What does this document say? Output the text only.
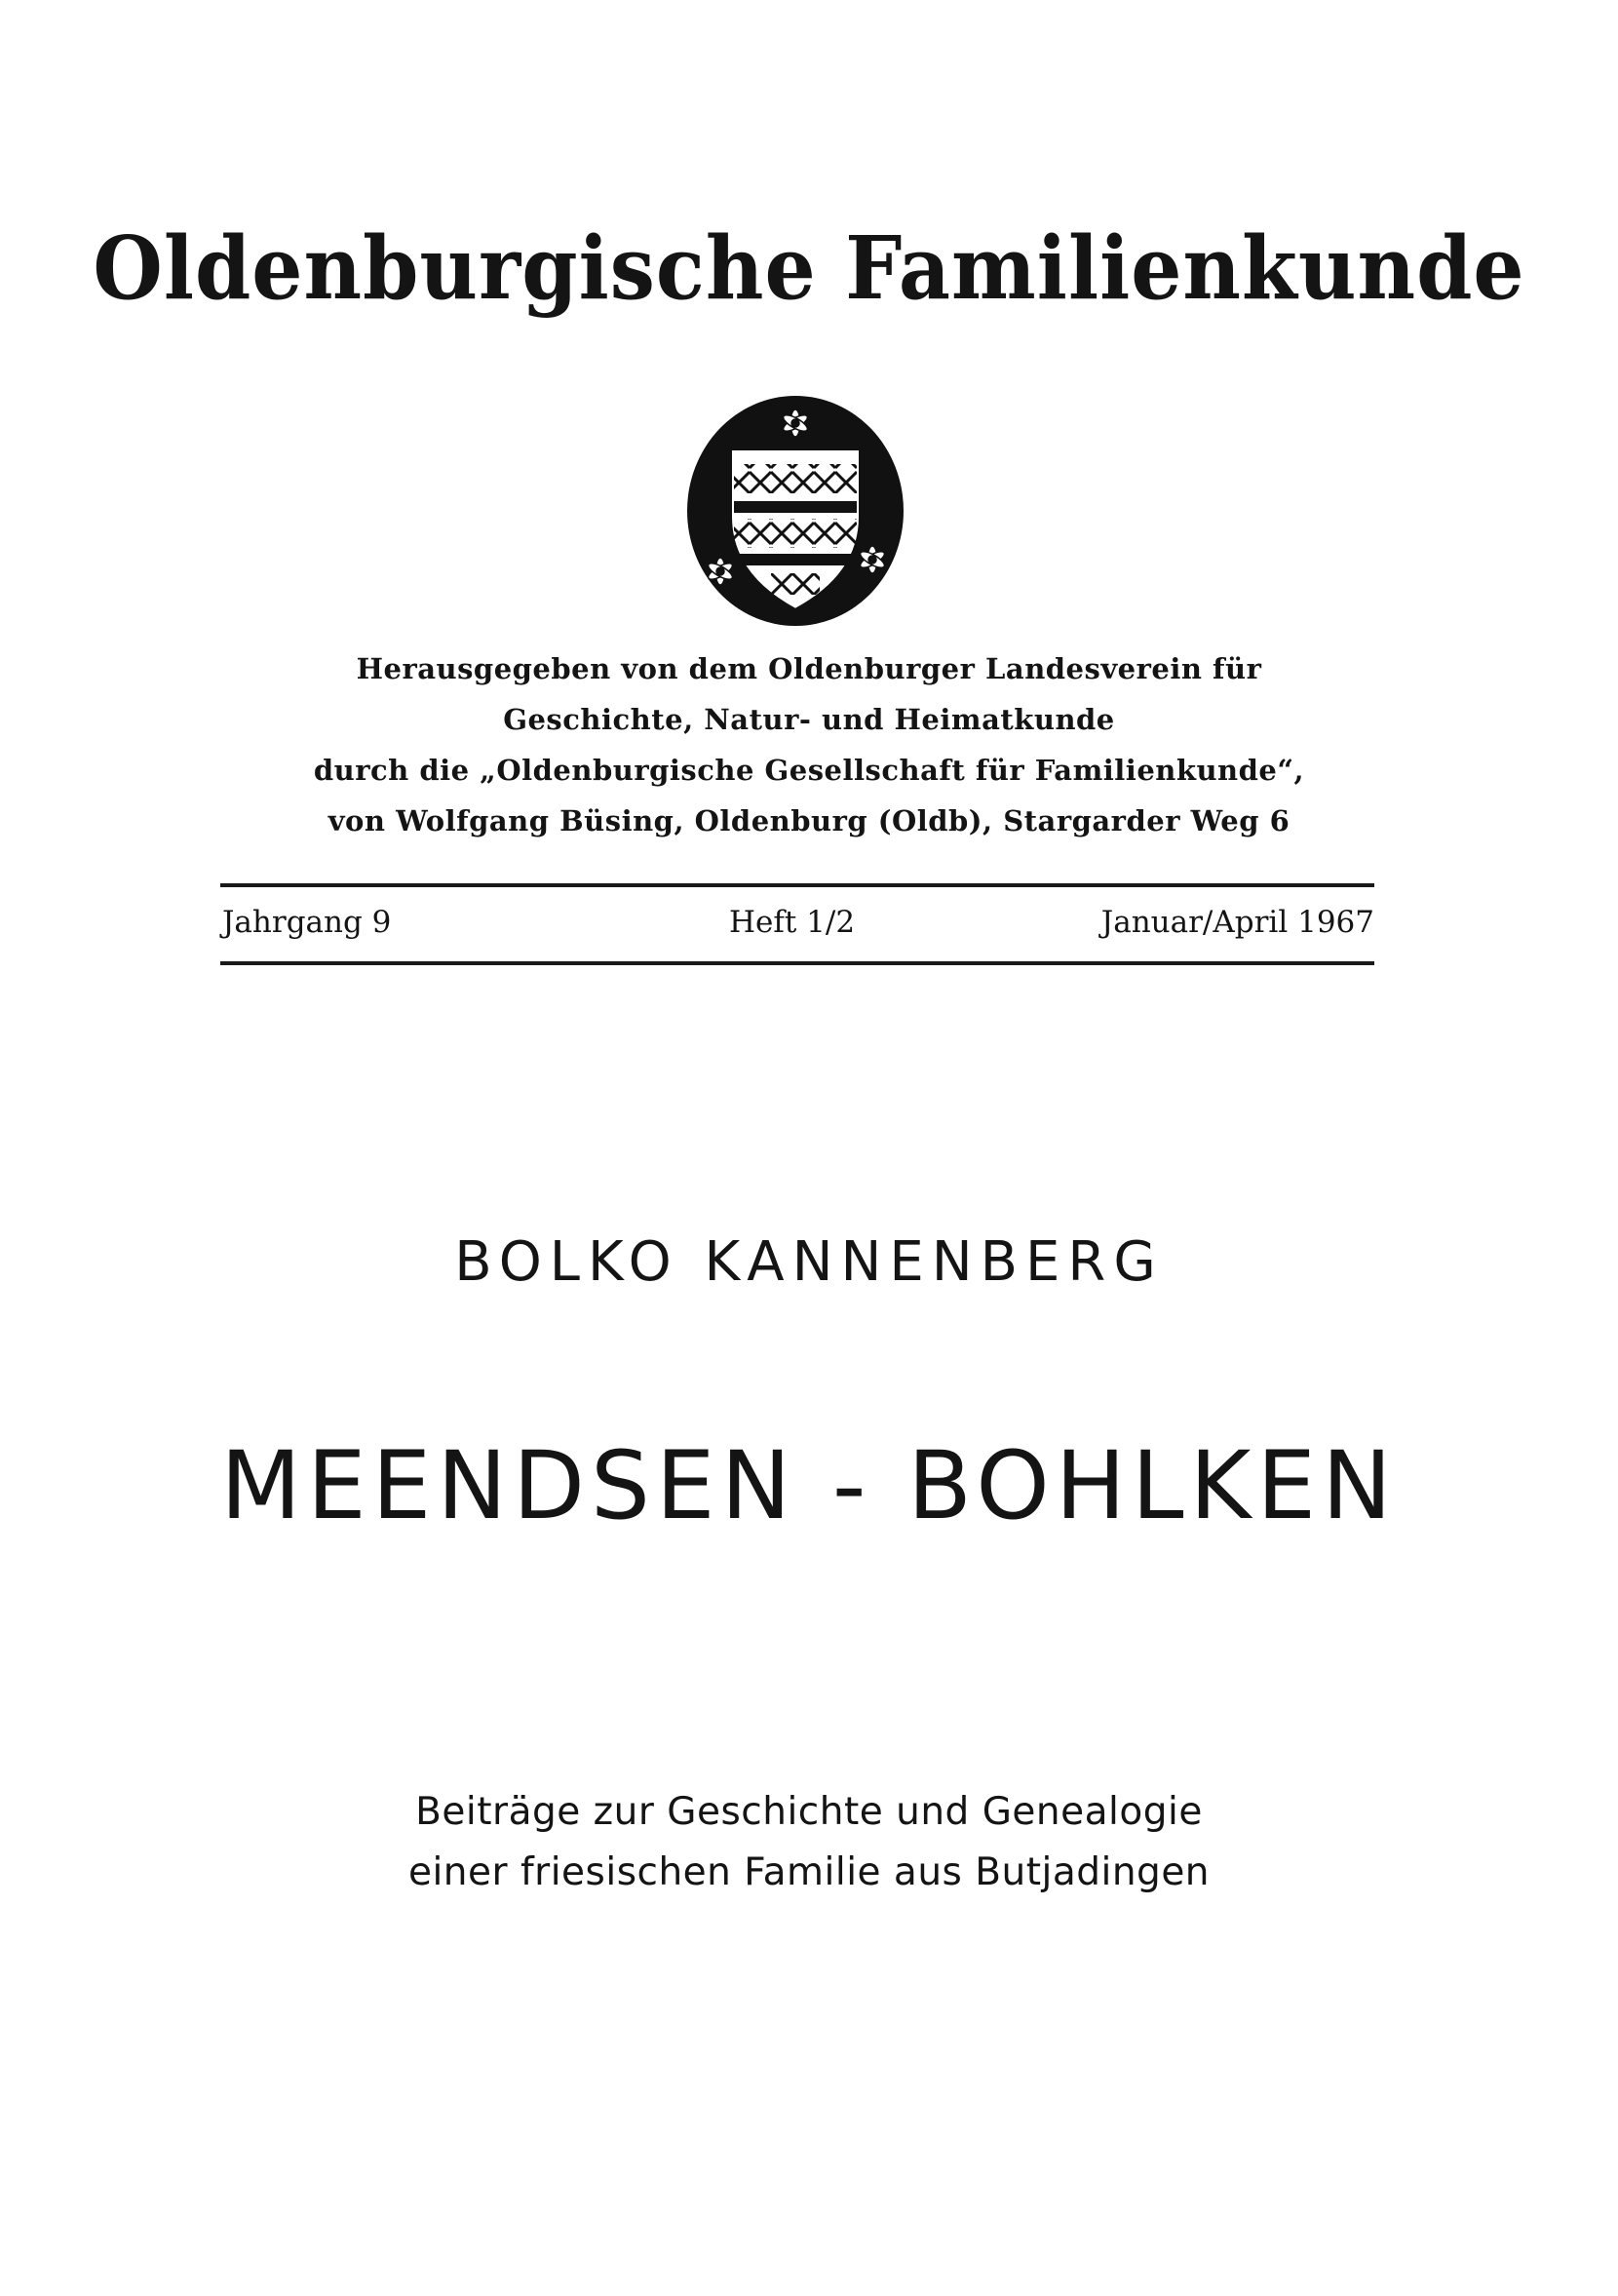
Oldenburgische Familienkunde
Herausgegeben von dem Oldenburger Landesverein für
Geschichte, Natur- und Heimatkunde
durch die „Oldenburgische Gesellschaft für Familienkunde“,
von Wolfgang Büsing, Oldenburg (Oldb), Stargarder Weg 6
Jahrgang 9	Heft 1/2	Januar/April 1967
BOLKO KANNENBERG
MEENDSEN - BOHLKEN
Beiträge zur Geschichte und Genealogie
einer friesischen Familie aus Butjadingen
